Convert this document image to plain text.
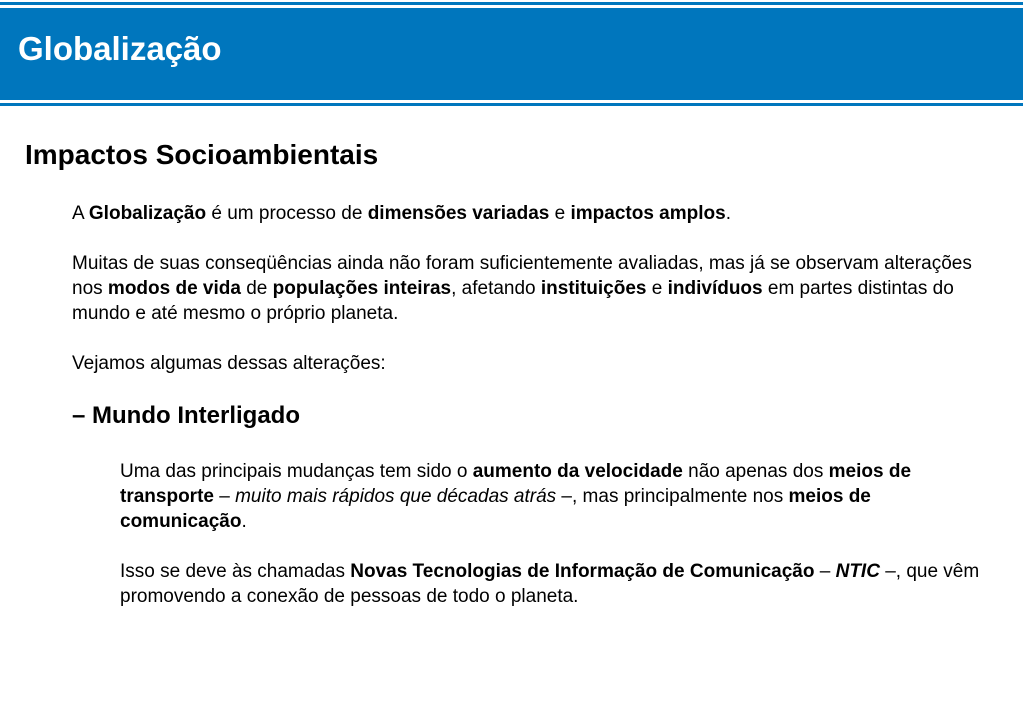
Globalização
Impactos Socioambientais
A Globalização é um processo de dimensões variadas e impactos amplos.
Muitas de suas conseqüências ainda não foram suficientemente avaliadas, mas já se observam alterações nos modos de vida de populações inteiras, afetando instituições e indivíduos em partes distintas do mundo e até mesmo o próprio planeta.
Vejamos algumas dessas alterações:
– Mundo Interligado
Uma das principais mudanças tem sido o aumento da velocidade não apenas dos meios de transporte – muito mais rápidos que décadas atrás –, mas principalmente nos meios de comunicação.
Isso se deve às chamadas Novas Tecnologias de Informação de Comunicação – NTIC –, que vêm promovendo a conexão de pessoas de todo o planeta.
